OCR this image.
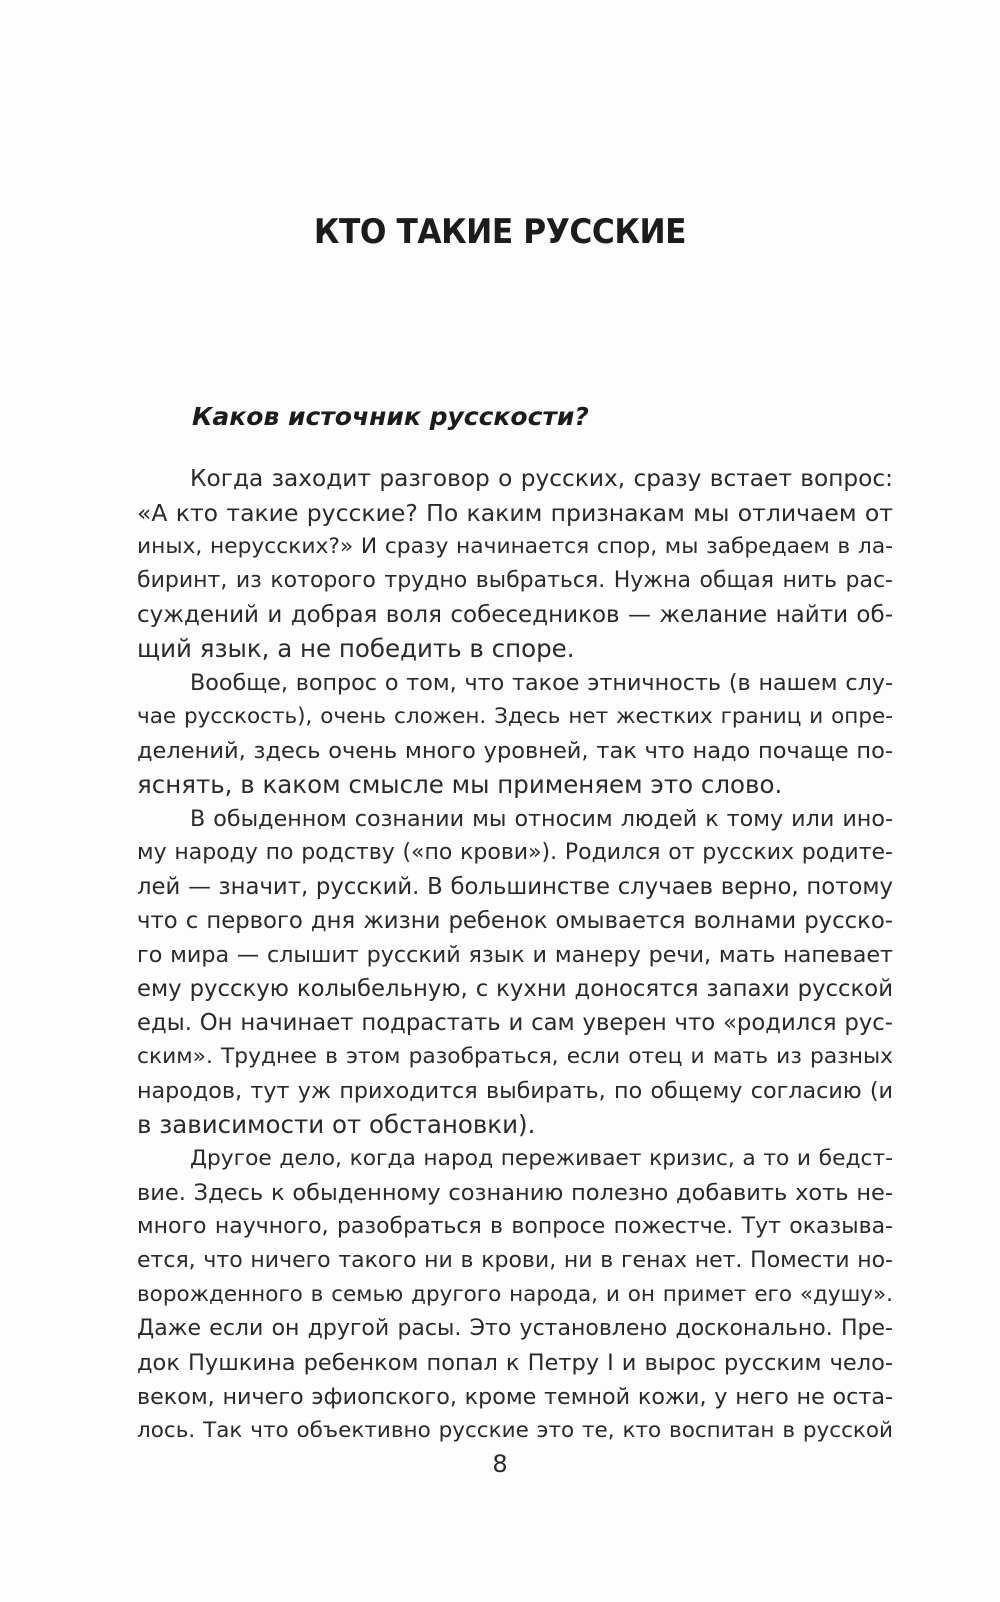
КТО ТАКИЕ РУССКИЕ
Каков источник русскости?
Когда заходит разговор о русских, сразу встает вопрос:
«А кто такие русские? По каким признакам мы отличаем от
иных, нерусских?» И сразу начинается спор, мы забредаем в ла-
биринт, из которого трудно выбраться. Нужна общая нить рас-
суждений и добрая воля собеседников — желание найти об-
щий язык, а не победить в споре.
Вообще, вопрос о том, что такое этничность (в нашем слу-
чае русскость), очень сложен. Здесь нет жестких границ и опре-
делений, здесь очень много уровней, так что надо почаще по-
яснять, в каком смысле мы применяем это слово.
В обыденном сознании мы относим людей к тому или ино-
му народу по родству («по крови»). Родился от русских родите-
лей — значит, русский. В большинстве случаев верно, потому
что с первого дня жизни ребенок омывается волнами русско-
го мира — слышит русский язык и манеру речи, мать напевает
ему русскую колыбельную, с кухни доносятся запахи русской
еды. Он начинает подрастать и сам уверен что «родился рус-
ским». Труднее в этом разобраться, если отец и мать из разных
народов, тут уж приходится выбирать, по общему согласию (и
в зависимости от обстановки).
Другое дело, когда народ переживает кризис, а то и бедст-
вие. Здесь к обыденному сознанию полезно добавить хоть не-
много научного, разобраться в вопросе пожестче. Тут оказыва-
ется, что ничего такого ни в крови, ни в генах нет. Помести но-
ворожденного в семью другого народа, и он примет его «душу».
Даже если он другой расы. Это установлено досконально. Пре-
док Пушкина ребенком попал к Петру I и вырос русским чело-
веком, ничего эфиопского, кроме темной кожи, у него не оста-
лось. Так что объективно русские это те, кто воспитан в русской
8
